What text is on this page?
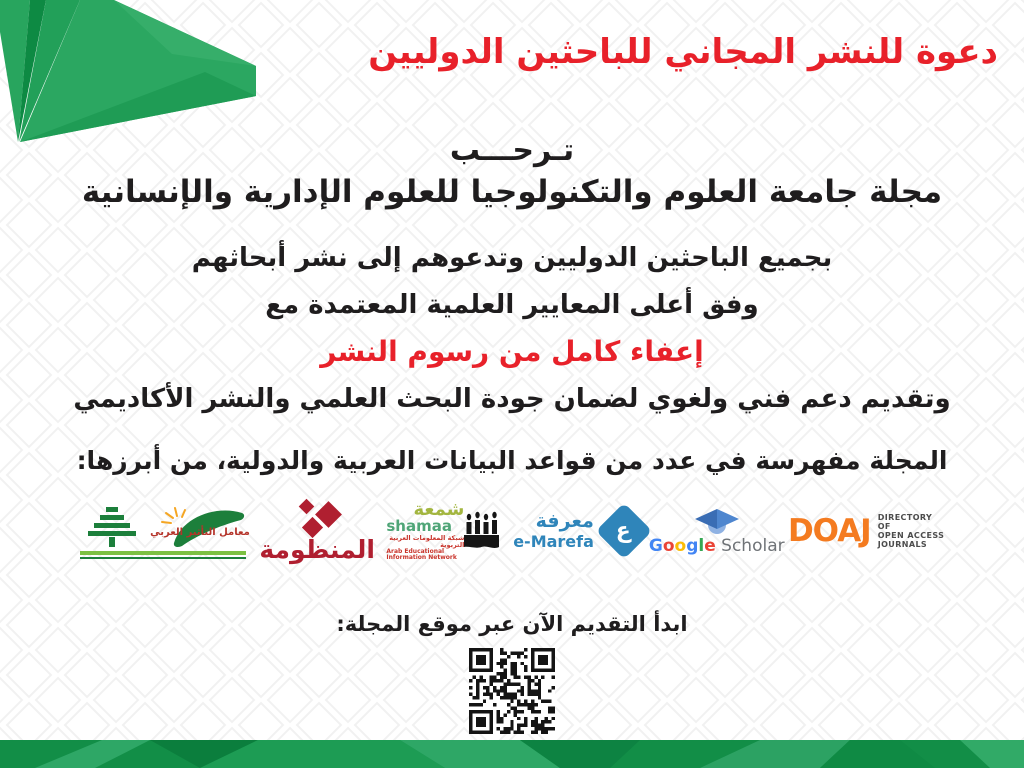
دعوة للنشر المجاني للباحثين الدوليين
تـرحـــب
مجلة جامعة العلوم والتكنولوجيا للعلوم الإدارية والإنسانية
بجميع الباحثين الدوليين وتدعوهم إلى نشر أبحاثهم
وفق أعلى المعايير العلمية المعتمدة مع
إعفاء كامل من رسوم النشر
وتقديم دعم فني ولغوي لضمان جودة البحث العلمي والنشر الأكاديمي
المجلة مفهرسة في عدد من قواعد البيانات العربية والدولية، من أبرزها:
معامل التأثير العربي
المنظومة
شمعة
shamaa
شبكة المعلومات العربية التربوية
Arab Educational Information Network
معرفة
e-Marefa ع
Google Scholar DOAJ DIRECTORY OF
OPEN ACCESS
JOURNALS
ابدأ التقديم الآن عبر موقع المجلة:
